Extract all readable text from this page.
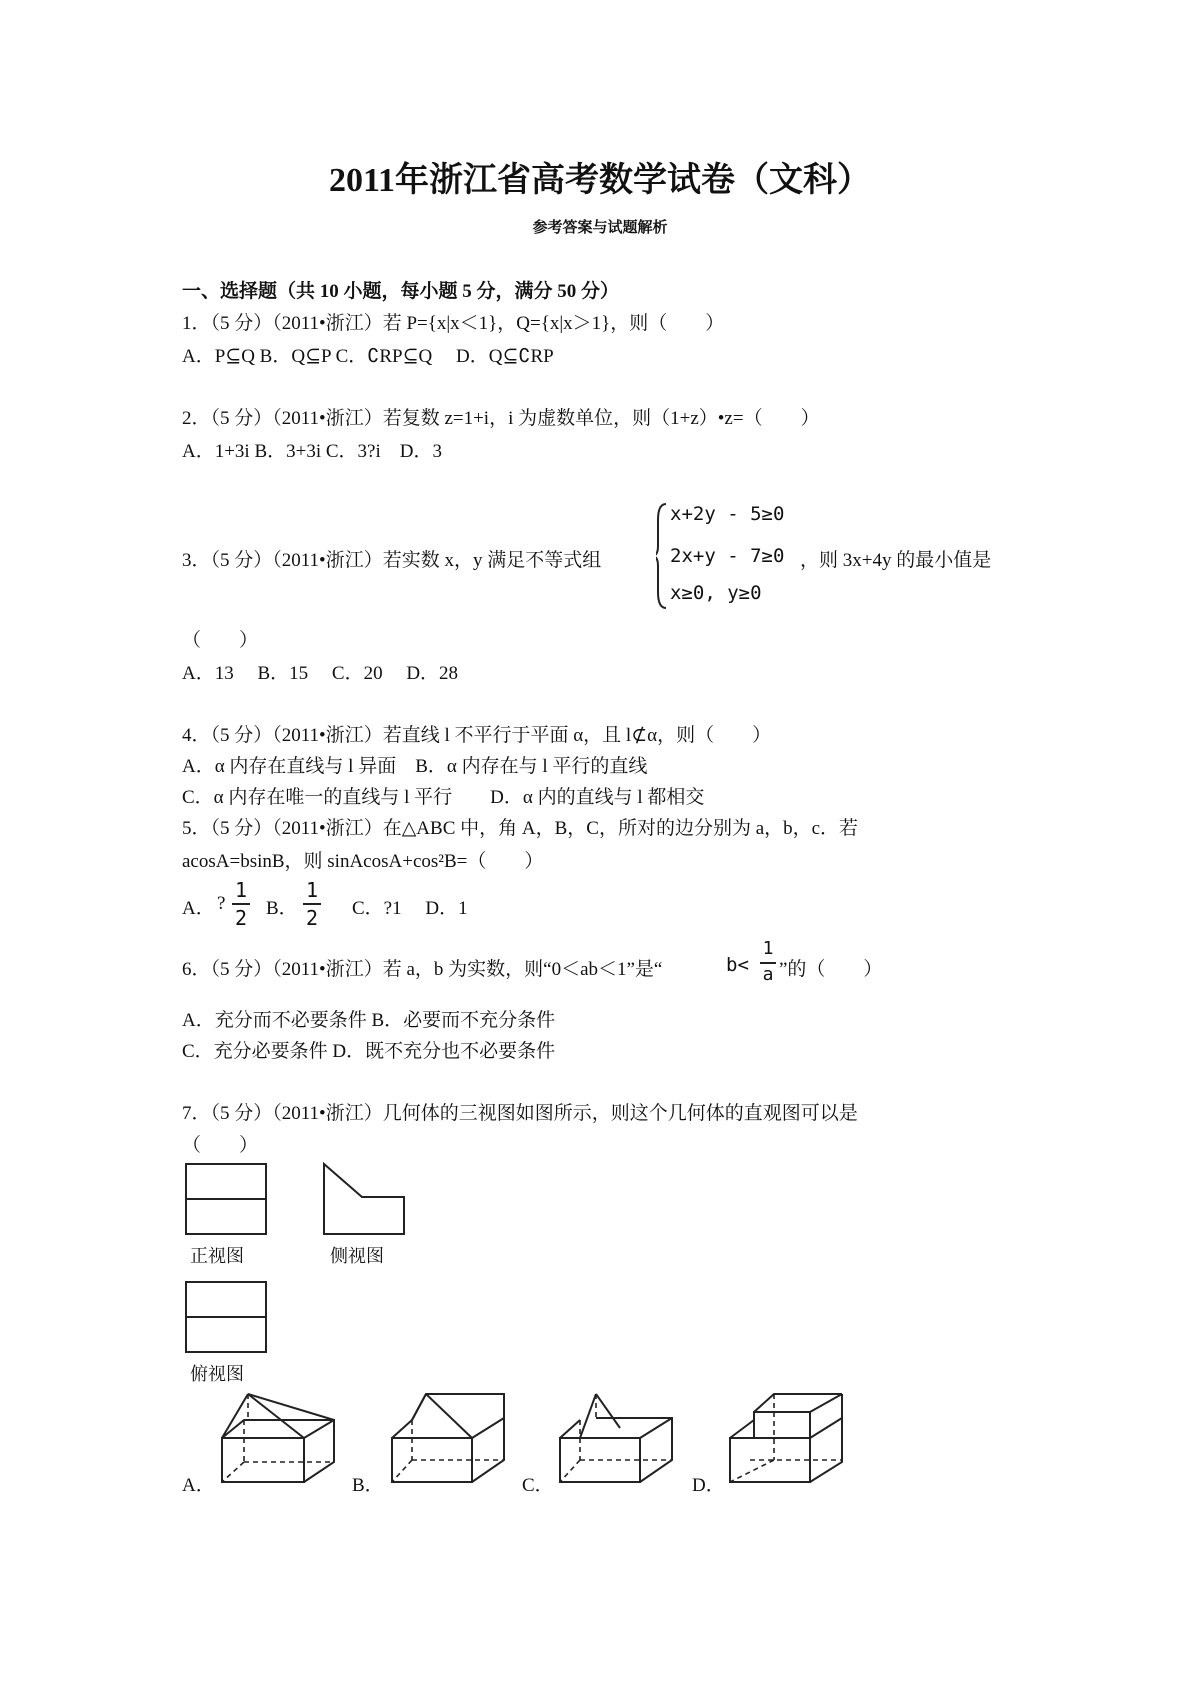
2011年浙江省高考数学试卷（文科）
参考答案与试题解析
一、选择题（共 10 小题，每小题 5 分，满分 50 分）
1．（5 分）（2011•浙江）若 P={x|x＜1}，Q={x|x＞1}，则（　　）
A．P⊆Q B．Q⊆P C．∁RP⊆Q　 D．Q⊆∁RP
2．（5 分）（2011•浙江）若复数 z=1+i，i 为虚数单位，则（1+z）•z=（　　）
A．1+3i B．3+3i C．3?i　D．3
3．（5 分）（2011•浙江）若实数 x，y 满足不等式组
x+2y - 5≥0
2x+y - 7≥0
x≥0, y≥0
，则 3x+4y 的最小值是
（　　）
A．13　 B．15　 C．20　 D．28
4．（5 分）（2011•浙江）若直线 l 不平行于平面 α，且 l⊄α，则（　　）
A．α 内存在直线与 l 异面　B．α 内存在与 l 平行的直线
C．α 内存在唯一的直线与 l 平行　　D．α 内的直线与 l 都相交
5．（5 分）（2011•浙江）在△ABC 中，角 A，B，C，所对的边分别为 a，b，c．若
acosA=bsinB，则 sinAcosA+cos²B=（　　）
A． ?
1
2 B．
1
2 C．?1　 D．1
6．（5 分）（2011•浙江）若 a，b 为实数，则“0＜ab＜1”是“	b<
1
a ”的（　　）
A．充分而不必要条件 B．必要而不充分条件
C．充分必要条件 D．既不充分也不必要条件
7．（5 分）（2011•浙江）几何体的三视图如图所示，则这个几何体的直观图可以是
（　　）
正视图	侧视图
俯视图
A．	B．	C．	D．
